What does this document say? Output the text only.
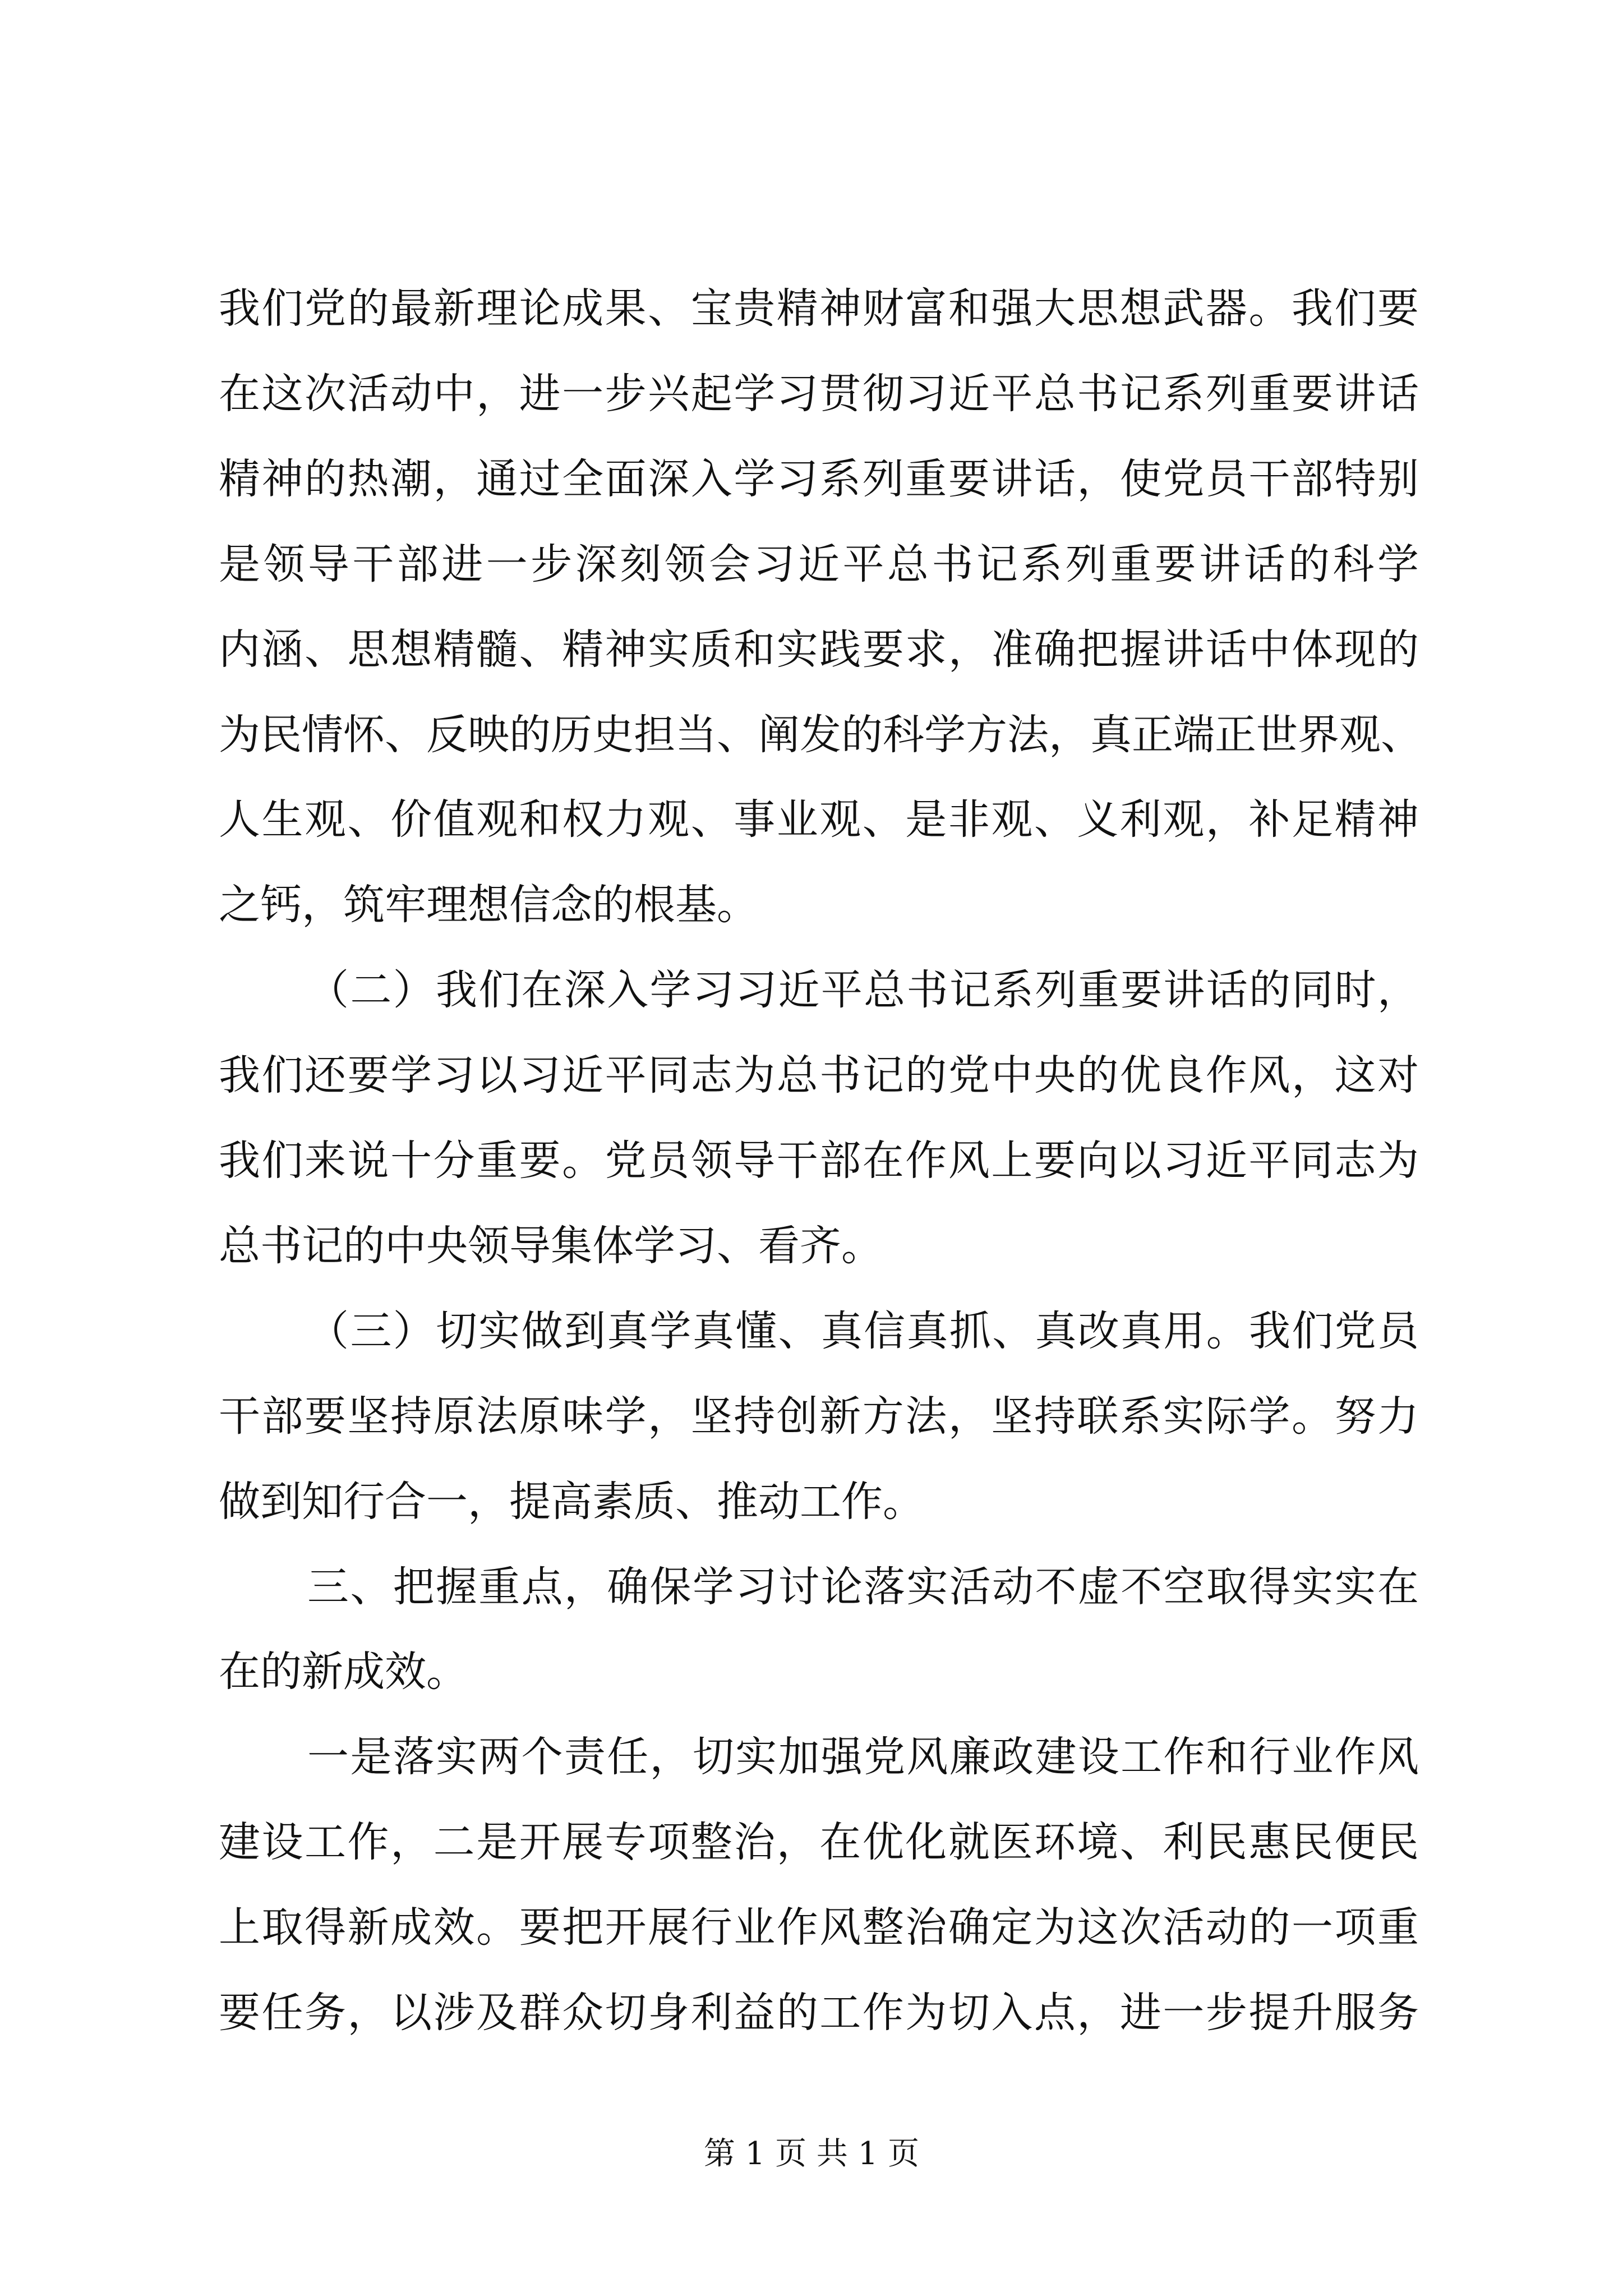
我们党的最新理论成果、宝贵精神财富和强大思想武器。我们要
在这次活动中，进一步兴起学习贯彻习近平总书记系列重要讲话
精神的热潮，通过全面深入学习系列重要讲话，使党员干部特别
是领导干部进一步深刻领会习近平总书记系列重要讲话的科学
内涵、思想精髓、精神实质和实践要求，准确把握讲话中体现的
为民情怀、反映的历史担当、阐发的科学方法，真正端正世界观、
人生观、价值观和权力观、事业观、是非观、义利观，补足精神
之钙，筑牢理想信念的根基。
（二）我们在深入学习习近平总书记系列重要讲话的同时，
我们还要学习以习近平同志为总书记的党中央的优良作风，这对
我们来说十分重要。党员领导干部在作风上要向以习近平同志为
总书记的中央领导集体学习、看齐。
（三）切实做到真学真懂、真信真抓、真改真用。我们党员
干部要坚持原法原味学，坚持创新方法，坚持联系实际学。努力
做到知行合一，提高素质、推动工作。
三、把握重点，确保学习讨论落实活动不虚不空取得实实在
在的新成效。
一是落实两个责任，切实加强党风廉政建设工作和行业作风
建设工作，二是开展专项整治，在优化就医环境、利民惠民便民
上取得新成效。要把开展行业作风整治确定为这次活动的一项重
要任务，以涉及群众切身利益的工作为切入点，进一步提升服务
第 1 页 共 1 页
